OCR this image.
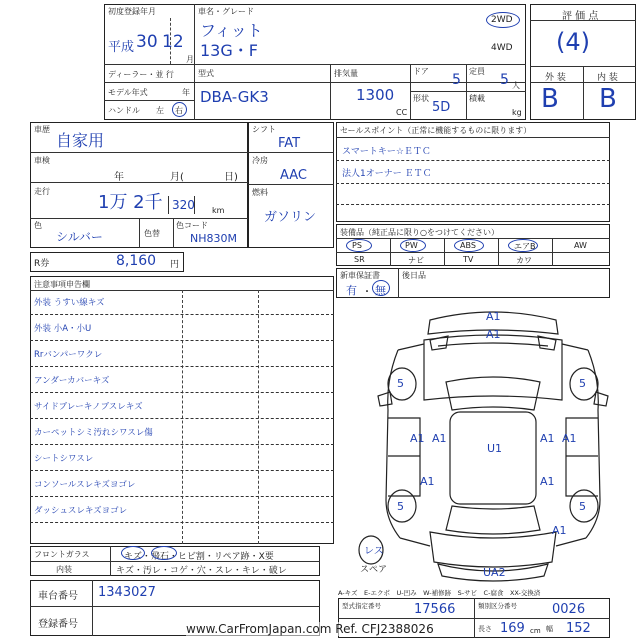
初度登録年月
平成 30 12
月
車名・グレード
フィット
13G・F
2WD
4WD
ディーラー・並 行
モデル年式	年
ハンドル 左 右
型式
DBA-GK3
排気量
1300
CC
ドア
5
定員
5 人
形状
5D
積載
kg
評 価 点
(4)
外 装	内 装
B B
車歴
自家用
車検
年	月(	日)
走行
1万 2千 320 km
色
シルバー	色替
色コード
NH830M
シフト
FAT
冷房
AAC
燃料
ガソリン
R券	8,160 円
セールスポイント（正常に機能するものに限ります）
スマートキー☆ＥＴＣ
法人1オーナー ＥＴＣ
装備品（純正品に限り○をつけてください）
PS	PW	ABS	エアB	AW
SR	ナビ	TV	カワ
新車保証書
有 ・ 無
後日品
注意事項申告欄
外装 うすい線キズ
外装 小A・小U
Rrバンパーワクレ
アンダーカバーキズ
サイドブレーキノブスレキズ
カーペットシミ汚れシワスレ傷
シートシワスレ
コンソールスレキズヨゴレ
ダッシュスレキズヨゴレ
フロントガラス	キズ・飛石・ヒビ割・リペア跡・X要
内装	キズ・汚レ・コゲ・穴・スレ・キレ・破レ
車台番号 1343027
登録番号
A1
A1
5	5
A1 A1
U1
A1 A1
A1	A1
5	5
A1
UA2
レス
スペア
A-キズ　E-エクボ　U-凹み　W-補修跡　S-サビ　C-腐食　XX-交換済
型式指定番号	17566	類別区分番号	0026
長さ 169 cm 幅 152
www.CarFromJapan.com Ref. CFJ2388026
